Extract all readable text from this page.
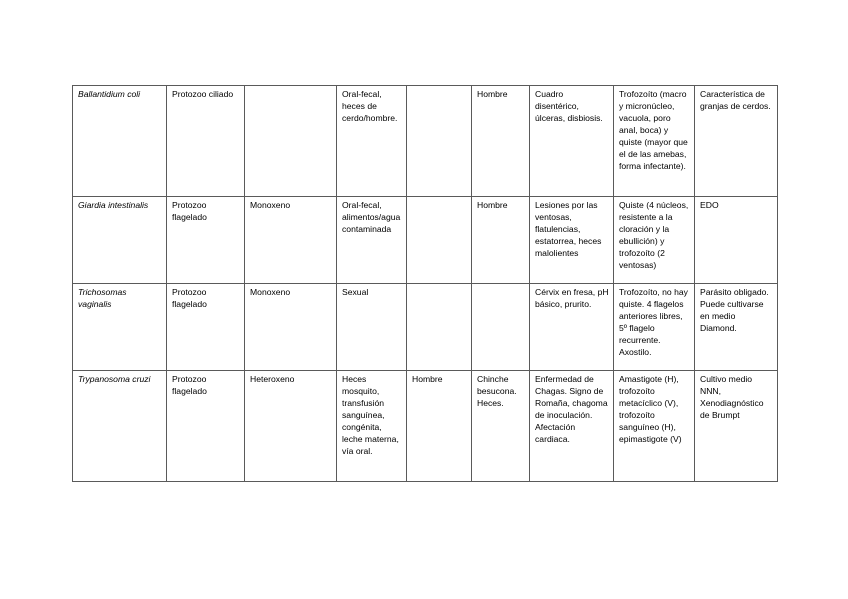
Ballantidium coli	Protozoo ciliado		Oral-fecal, heces de cerdo/hombre.		Hombre	Cuadro disentérico, úlceras, disbiosis.	Trofozoíto (macro y micronúcleo, vacuola, poro anal, boca) y quiste (mayor que el de las amebas, forma infectante).	Característica de granjas de cerdos.
Giardia intestinalis	Protozoo flagelado	Monoxeno	Oral-fecal, alimentos/agua contaminada		Hombre	Lesiones por las ventosas, flatulencias, estatorrea, heces malolientes	Quiste (4 núcleos, resistente a la cloración y la ebullición) y trofozoíto (2 ventosas)	EDO
Trichosomas vaginalis	Protozoo flagelado	Monoxeno	Sexual			Cérvix en fresa, pH básico, prurito.	Trofozoíto, no hay quiste. 4 flagelos anteriores libres, 5º flagelo recurrente. Axostilo.	Parásito obligado. Puede cultivarse en medio Diamond.
Trypanosoma cruzi	Protozoo flagelado	Heteroxeno	Heces mosquito, transfusión sanguínea, congénita, leche materna, vía oral.	Hombre	Chinche besucona. Heces.	Enfermedad de Chagas. Signo de Romaña, chagoma de inoculación. Afectación cardiaca.	Amastigote (H), trofozoíto metacíclico (V), trofozoíto sanguíneo (H), epimastigote (V)	Cultivo medio NNN, Xenodiagnóstico de Brumpt
